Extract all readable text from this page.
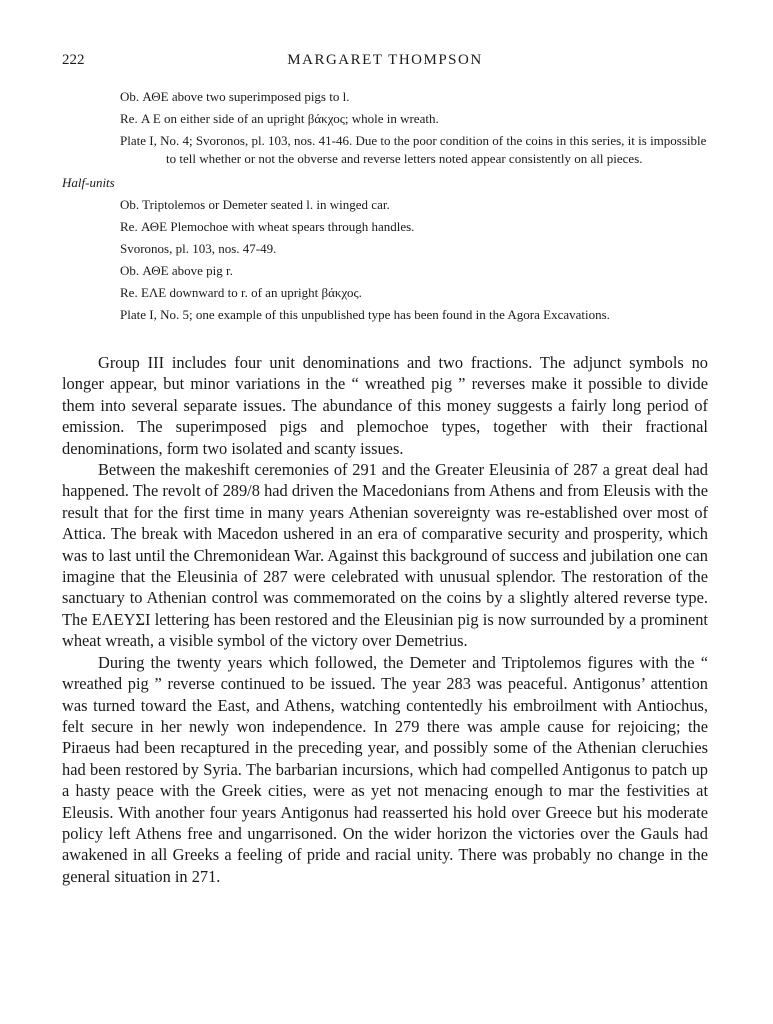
222	MARGARET THOMPSON
Ob. ΑΘΕ above two superimposed pigs to l.
Re. Α Ε on either side of an upright βάκχος; whole in wreath.
Plate I, No. 4; Svoronos, pl. 103, nos. 41-46. Due to the poor condition of the coins in this series, it is impossible to tell whether or not the obverse and reverse letters noted appear consistently on all pieces.
Half-units
Ob. Triptolemos or Demeter seated l. in winged car.
Re. ΑΘΕ Plemochoe with wheat spears through handles.
Svoronos, pl. 103, nos. 47-49.
Ob. ΑΘΕ above pig r.
Re. ΕΛΕ downward to r. of an upright βάκχος.
Plate I, No. 5; one example of this unpublished type has been found in the Agora Excavations.

Group III includes four unit denominations and two fractions. The adjunct symbols no longer appear, but minor variations in the “ wreathed pig ” reverses make it possible to divide them into several separate issues. The abundance of this money suggests a fairly long period of emission. The superimposed pigs and plemochoe types, together with their fractional denominations, form two isolated and scanty issues.

Between the makeshift ceremonies of 291 and the Greater Eleusinia of 287 a great deal had happened. The revolt of 289/8 had driven the Macedonians from Athens and from Eleusis with the result that for the first time in many years Athenian sovereignty was re-established over most of Attica. The break with Macedon ushered in an era of comparative security and prosperity, which was to last until the Chremonidean War. Against this background of success and jubilation one can imagine that the Eleusinia of 287 were celebrated with unusual splendor. The restoration of the sanctuary to Athenian control was commemorated on the coins by a slightly altered reverse type. The ΕΛΕΥΣΙ lettering has been restored and the Eleusinian pig is now surrounded by a prominent wheat wreath, a visible symbol of the victory over Demetrius.

During the twenty years which followed, the Demeter and Triptolemos figures with the “ wreathed pig ” reverse continued to be issued. The year 283 was peaceful. Antigonus’ attention was turned toward the East, and Athens, watching contentedly his embroilment with Antiochus, felt secure in her newly won independence. In 279 there was ample cause for rejoicing; the Piraeus had been recaptured in the preceding year, and possibly some of the Athenian cleruchies had been restored by Syria. The barbarian incursions, which had compelled Antigonus to patch up a hasty peace with the Greek cities, were as yet not menacing enough to mar the festivities at Eleusis. With another four years Antigonus had reasserted his hold over Greece but his moderate policy left Athens free and ungarrisoned. On the wider horizon the victories over the Gauls had awakened in all Greeks a feeling of pride and racial unity. There was probably no change in the general situation in 271.
